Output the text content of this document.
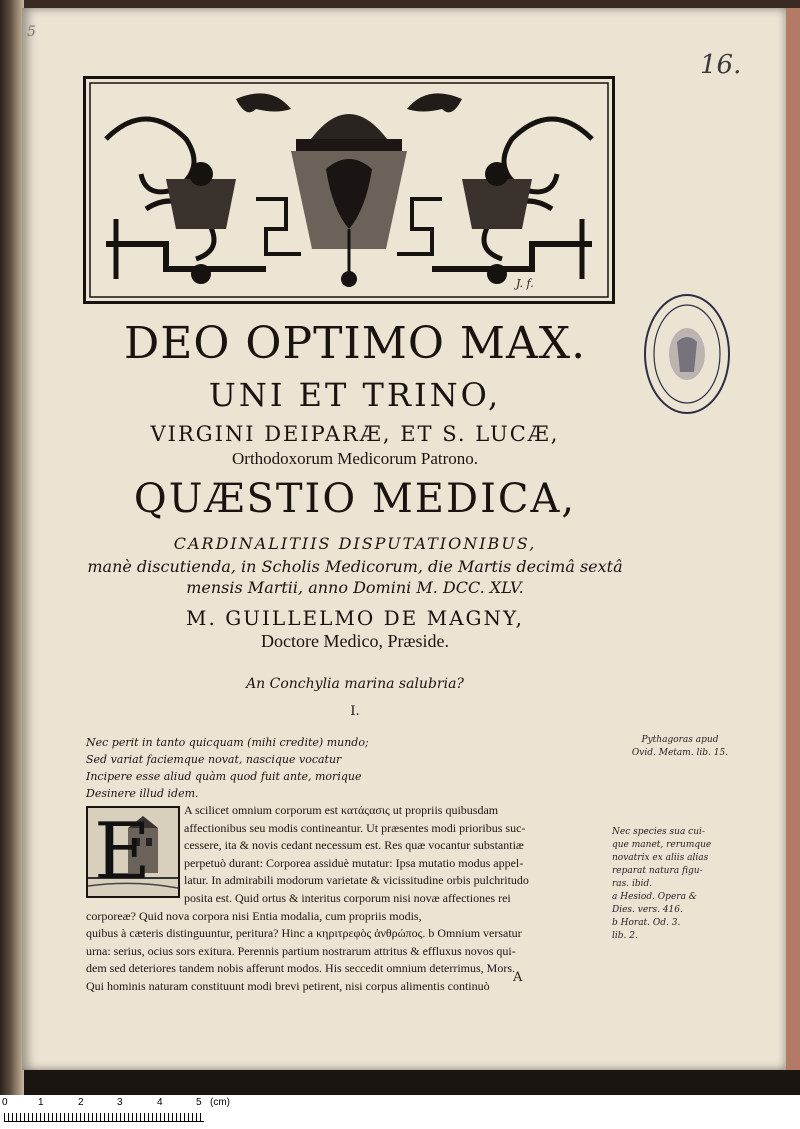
5
16.
J. f.
DEO OPTIMO MAX.
UNI ET TRINO,
VIRGINI DEIPARÆ, ET S. LUCÆ,
Orthodoxorum Medicorum Patrono.
QUÆSTIO MEDICA,
CARDINALITIIS DISPUTATIONIBUS,
manè discutienda, in Scholis Medicorum, die Martis decimâ sextâ
mensis Martii, anno Domini M. DCC. XLV.
M. GUILLELMO DE MAGNY,
Doctore Medico, Præside.
An Conchylia marina salubria?
I.
Nec perit in tanto quicquam (mihi credite) mundo;
Sed variat faciemque novat, nascique vocatur
Incipere esse aliud quàm quod fuit ante, morique
Desinere illud idem.
Pythagoras apud
Ovid. Metam. lib. 15.
E	A scilicet omnium corporum est κατάςασις ut propriis quibusdam
affectionibus seu modis contineantur. Ut præsentes modi prioribus suc-
cessere, ita & novis cedant necessum est. Res quæ vocantur substantiæ
perpetuò durant: Corporea assiduè mutatur: Ipsa mutatio modus appel-
latur. In admirabili modorum varietate & vicissitudine orbis pulchritudo
posita est. Quid ortus & interitus corporum nisi novæ affectiones rei
corporeæ? Quid nova corpora nisi Entia modalia, cum propriis modis,
quibus à cæteris distinguuntur, peritura? Hinc a κηριτρεφὸς ἀνθρώπος. b Omnium versatur
urna: serius, ocius sors exitura. Perennis partium nostrarum attritus & effluxus novos qui-
dem sed deteriores tandem nobis afferunt modos. His seccedit omnium deterrimus, Mors.
Qui hominis naturam constituunt modi brevi petirent, nisi corpus alimentis continuò
Nec species sua cui-
que manet, rerumque
novatrix ex aliis alias
reparat natura figu-
ras. ibid.
a Hesiod. Opera &
Dies. vers. 416.
b Horat. Od. 3.
lib. 2.
A
0	1	2	3	4	5 (cm)
